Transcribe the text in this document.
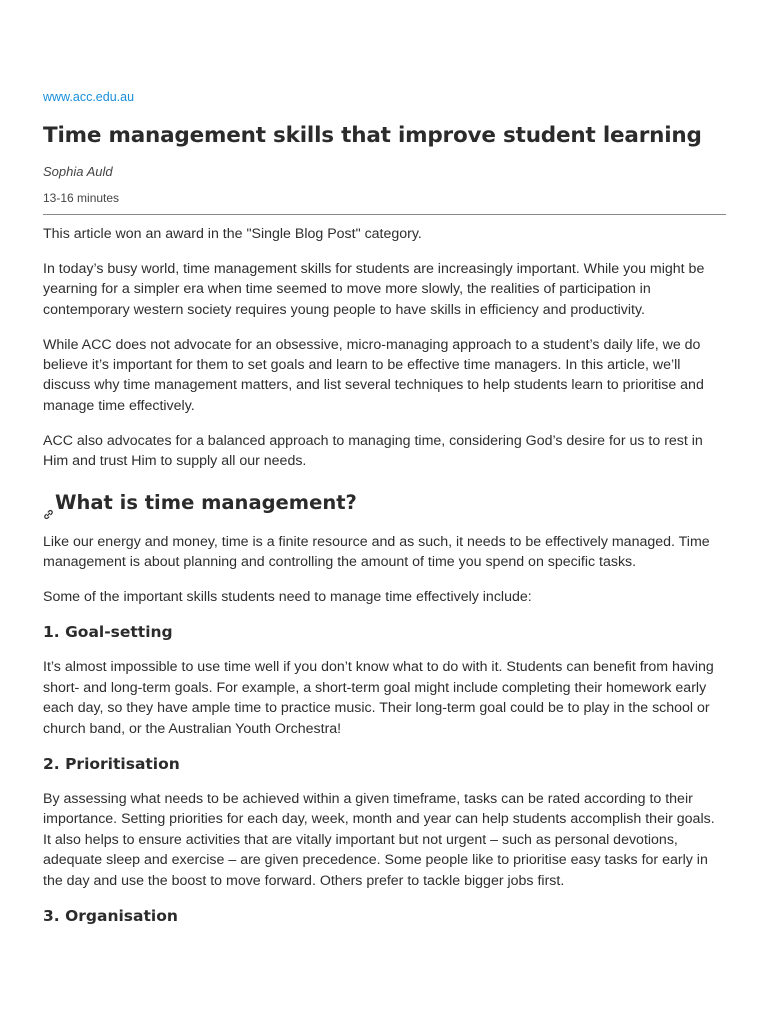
www.acc.edu.au
Time management skills that improve student learning

Sophia Auld

13-16 minutes

This article won an award in the "Single Blog Post" category.

In today’s busy world, time management skills for students are increasingly important. While you might be yearning for a simpler era when time seemed to move more slowly, the realities of participation in contemporary western society requires young people to have skills in efficiency and productivity.

While ACC does not advocate for an obsessive, micro-managing approach to a student’s daily life, we do believe it’s important for them to set goals and learn to be effective time managers. In this article, we’ll discuss why time management matters, and list several techniques to help students learn to prioritise and manage time effectively.

ACC also advocates for a balanced approach to managing time, considering God’s desire for us to rest in Him and trust Him to supply all our needs.

What is time management?

Like our energy and money, time is a finite resource and as such, it needs to be effectively managed. Time management is about planning and controlling the amount of time you spend on specific tasks.

Some of the important skills students need to manage time effectively include:

1. Goal-setting

It’s almost impossible to use time well if you don’t know what to do with it. Students can benefit from having short- and long-term goals. For example, a short-term goal might include completing their homework early each day, so they have ample time to practice music. Their long-term goal could be to play in the school or church band, or the Australian Youth Orchestra!

2. Prioritisation

By assessing what needs to be achieved within a given timeframe, tasks can be rated according to their importance. Setting priorities for each day, week, month and year can help students accomplish their goals. It also helps to ensure activities that are vitally important but not urgent – such as personal devotions, adequate sleep and exercise – are given precedence. Some people like to prioritise easy tasks for early in the day and use the boost to move forward. Others prefer to tackle bigger jobs first.

3. Organisation
